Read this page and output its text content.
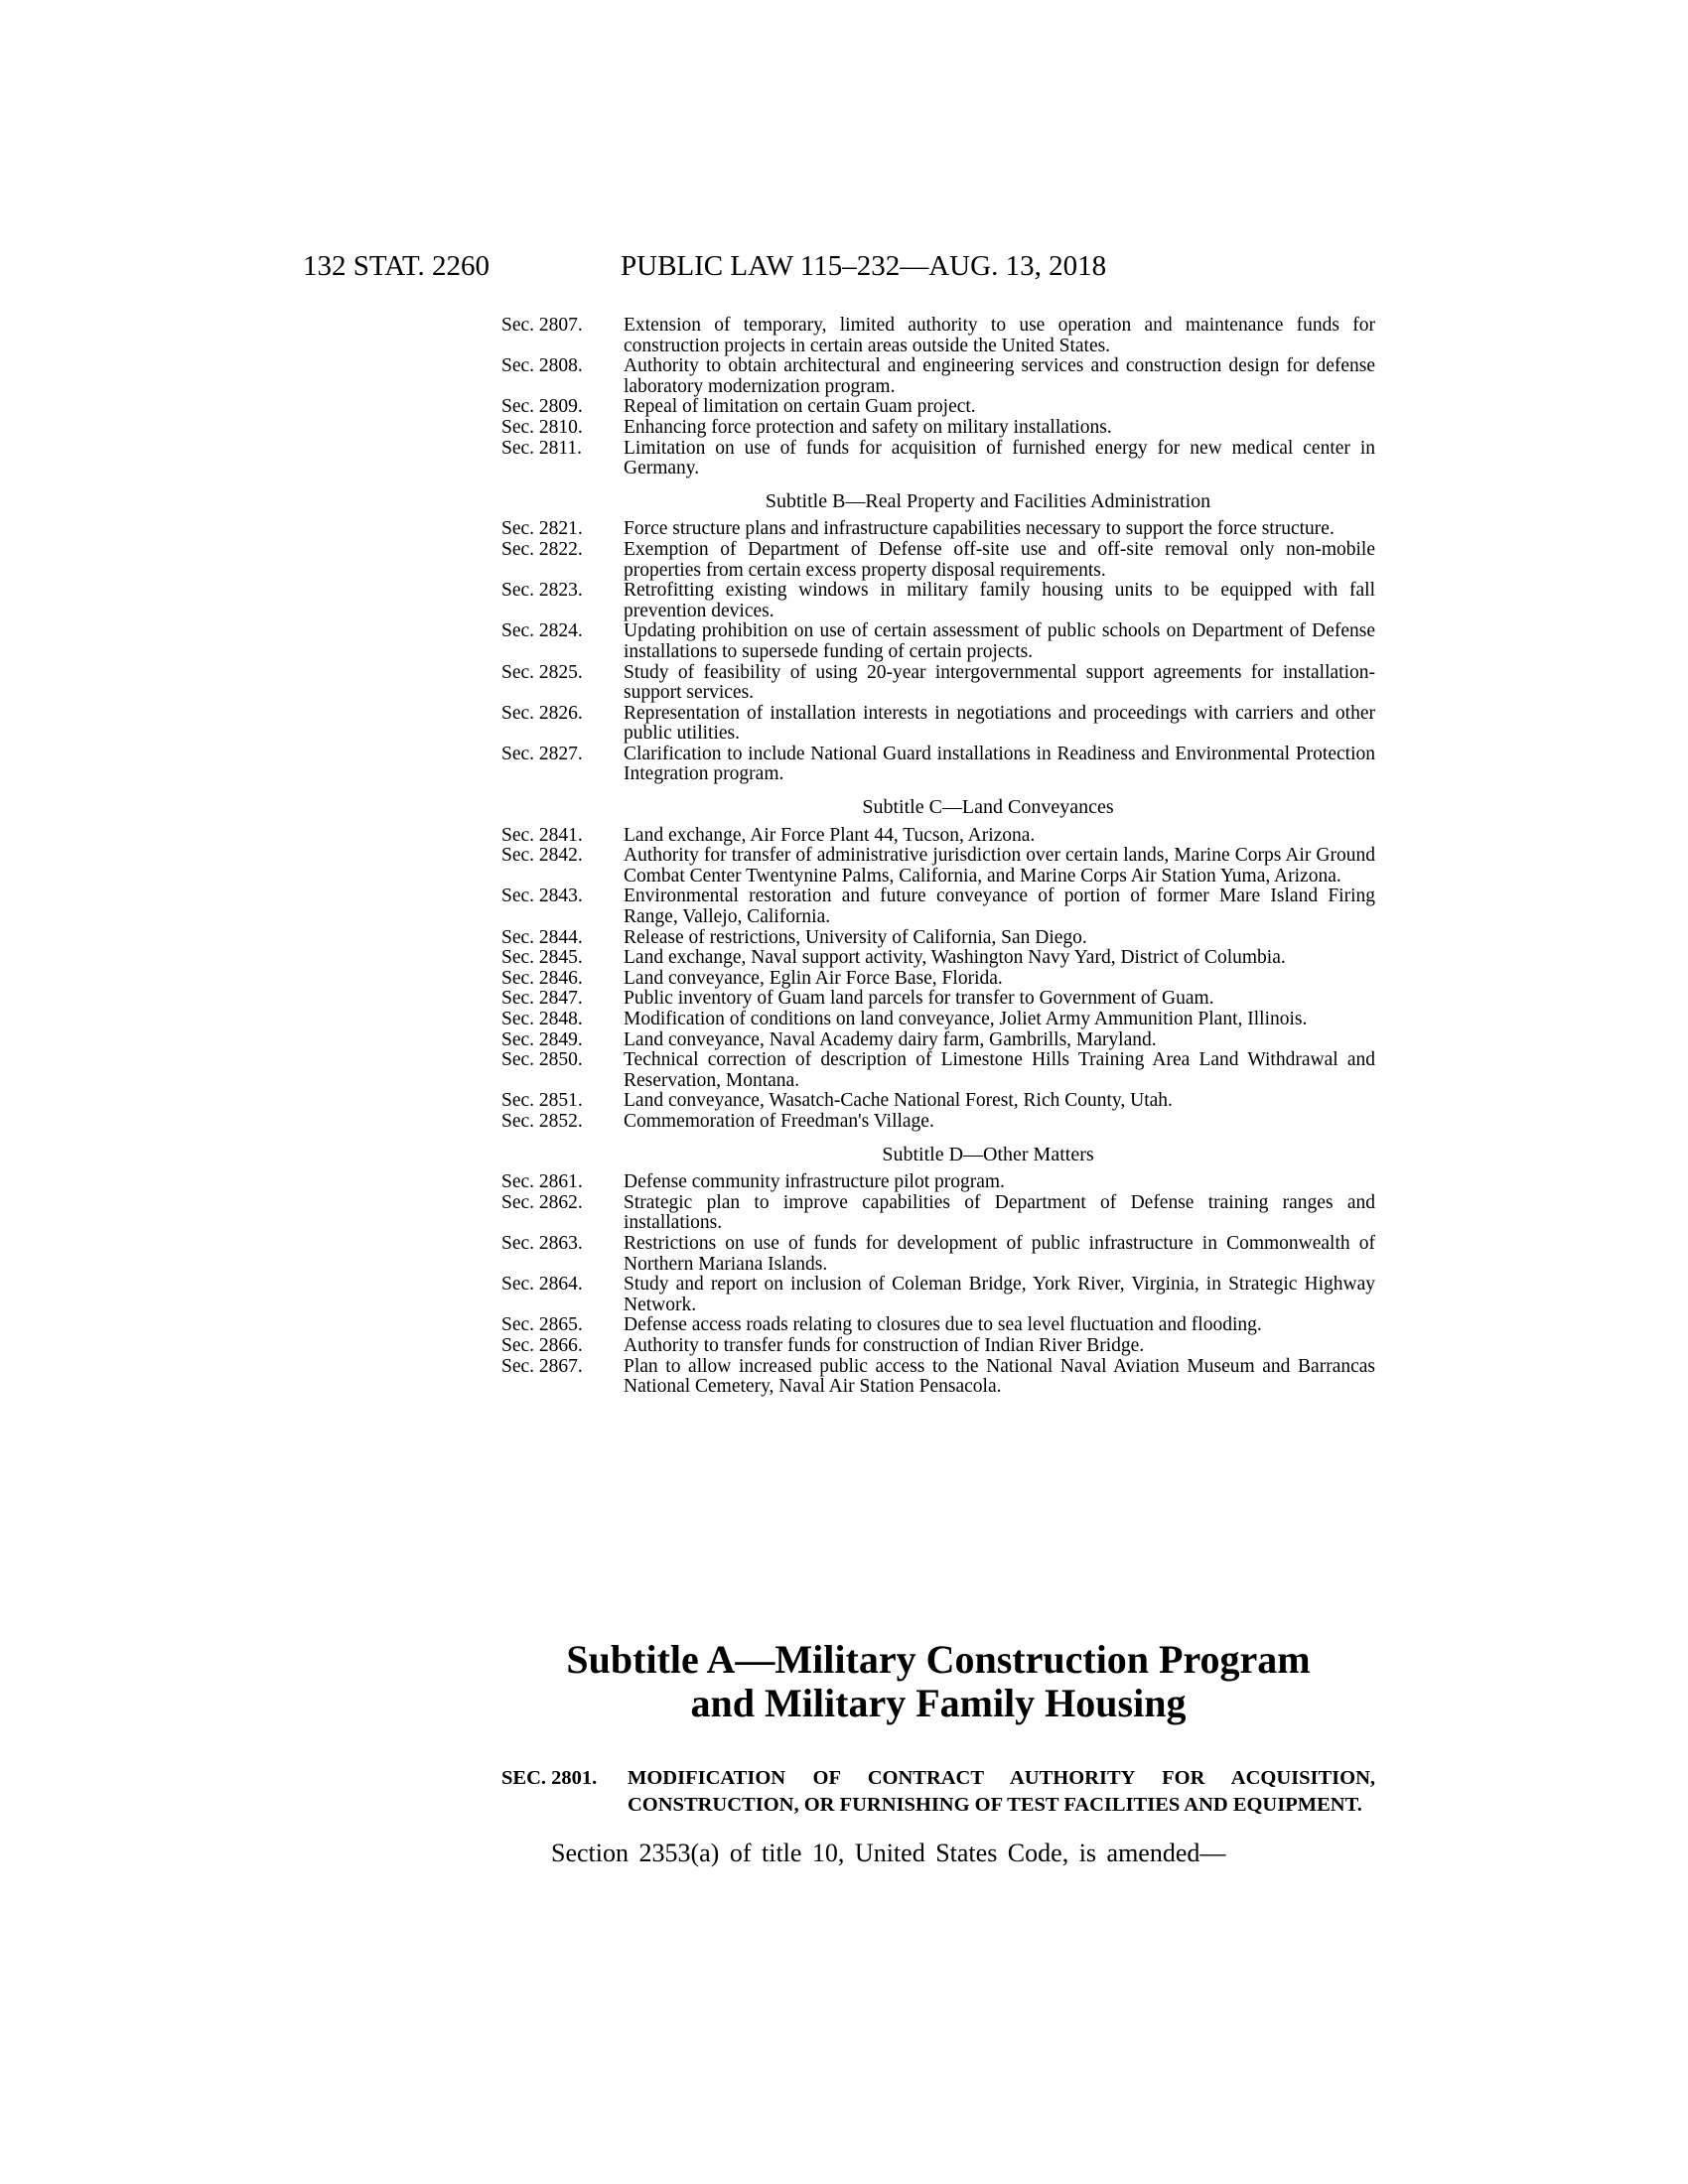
132 STAT. 2260	PUBLIC LAW 115–232—AUG. 13, 2018
Sec. 2807. Extension of temporary, limited authority to use operation and maintenance funds for construction projects in certain areas outside the United States.
Sec. 2808. Authority to obtain architectural and engineering services and construction design for defense laboratory modernization program.
Sec. 2809. Repeal of limitation on certain Guam project.
Sec. 2810. Enhancing force protection and safety on military installations.
Sec. 2811. Limitation on use of funds for acquisition of furnished energy for new medical center in Germany.
Subtitle B—Real Property and Facilities Administration
Sec. 2821. Force structure plans and infrastructure capabilities necessary to support the force structure.
Sec. 2822. Exemption of Department of Defense off-site use and off-site removal only non-mobile properties from certain excess property disposal requirements.
Sec. 2823. Retrofitting existing windows in military family housing units to be equipped with fall prevention devices.
Sec. 2824. Updating prohibition on use of certain assessment of public schools on Department of Defense installations to supersede funding of certain projects.
Sec. 2825. Study of feasibility of using 20-year intergovernmental support agreements for installation-support services.
Sec. 2826. Representation of installation interests in negotiations and proceedings with carriers and other public utilities.
Sec. 2827. Clarification to include National Guard installations in Readiness and Environmental Protection Integration program.
Subtitle C—Land Conveyances
Sec. 2841. Land exchange, Air Force Plant 44, Tucson, Arizona.
Sec. 2842. Authority for transfer of administrative jurisdiction over certain lands, Marine Corps Air Ground Combat Center Twentynine Palms, California, and Marine Corps Air Station Yuma, Arizona.
Sec. 2843. Environmental restoration and future conveyance of portion of former Mare Island Firing Range, Vallejo, California.
Sec. 2844. Release of restrictions, University of California, San Diego.
Sec. 2845. Land exchange, Naval support activity, Washington Navy Yard, District of Columbia.
Sec. 2846. Land conveyance, Eglin Air Force Base, Florida.
Sec. 2847. Public inventory of Guam land parcels for transfer to Government of Guam.
Sec. 2848. Modification of conditions on land conveyance, Joliet Army Ammunition Plant, Illinois.
Sec. 2849. Land conveyance, Naval Academy dairy farm, Gambrills, Maryland.
Sec. 2850. Technical correction of description of Limestone Hills Training Area Land Withdrawal and Reservation, Montana.
Sec. 2851. Land conveyance, Wasatch-Cache National Forest, Rich County, Utah.
Sec. 2852. Commemoration of Freedman's Village.
Subtitle D—Other Matters
Sec. 2861. Defense community infrastructure pilot program.
Sec. 2862. Strategic plan to improve capabilities of Department of Defense training ranges and installations.
Sec. 2863. Restrictions on use of funds for development of public infrastructure in Commonwealth of Northern Mariana Islands.
Sec. 2864. Study and report on inclusion of Coleman Bridge, York River, Virginia, in Strategic Highway Network.
Sec. 2865. Defense access roads relating to closures due to sea level fluctuation and flooding.
Sec. 2866. Authority to transfer funds for construction of Indian River Bridge.
Sec. 2867. Plan to allow increased public access to the National Naval Aviation Museum and Barrancas National Cemetery, Naval Air Station Pensacola.
Subtitle A—Military Construction Program
and Military Family Housing
SEC. 2801.	MODIFICATION OF CONTRACT AUTHORITY FOR ACQUISITION, CONSTRUCTION, OR FURNISHING OF TEST FACILITIES AND EQUIPMENT.
Section 2353(a) of title 10, United States Code, is amended—
